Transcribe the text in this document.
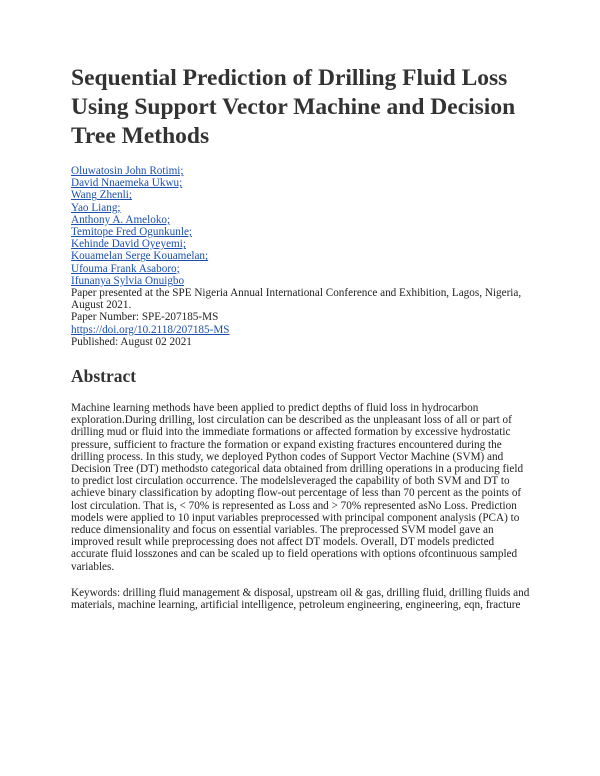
Sequential Prediction of Drilling Fluid Loss Using Support Vector Machine and Decision Tree Methods
Oluwatosin John Rotimi;
David Nnaemeka Ukwu;
Wang Zhenli;
Yao Liang;
Anthony A. Ameloko;
Temitope Fred Ogunkunle;
Kehinde David Oyeyemi;
Kouamelan Serge Kouamelan;
Ufouma Frank Asaboro;
Ifunanya Sylvia Onuigbo

Paper presented at the SPE Nigeria Annual International Conference and Exhibition, Lagos, Nigeria, August 2021.

Paper Number: SPE-207185-MS

https://doi.org/10.2118/207185-MS

Published: August 02 2021

Abstract

Machine learning methods have been applied to predict depths of fluid loss in hydrocarbon exploration.During drilling, lost circulation can be described as the unpleasant loss of all or part of drilling mud or fluid into the immediate formations or affected formation by excessive hydrostatic pressure, sufficient to fracture the formation or expand existing fractures encountered during the drilling process. In this study, we deployed Python codes of Support Vector Machine (SVM) and Decision Tree (DT) methodsto categorical data obtained from drilling operations in a producing field to predict lost circulation occurrence. The modelsleveraged the capability of both SVM and DT to achieve binary classification by adopting flow-out percentage of less than 70 percent as the points of lost circulation. That is, < 70% is represented as Loss and > 70% represented asNo Loss. Prediction models were applied to 10 input variables preprocessed with principal component analysis (PCA) to reduce dimensionality and focus on essential variables. The preprocessed SVM model gave an improved result while preprocessing does not affect DT models. Overall, DT models predicted accurate fluid losszones and can be scaled up to field operations with options ofcontinuous sampled variables.

Keywords: drilling fluid management & disposal, upstream oil & gas, drilling fluid, drilling fluids and materials, machine learning, artificial intelligence, petroleum engineering, engineering, eqn, fracture
